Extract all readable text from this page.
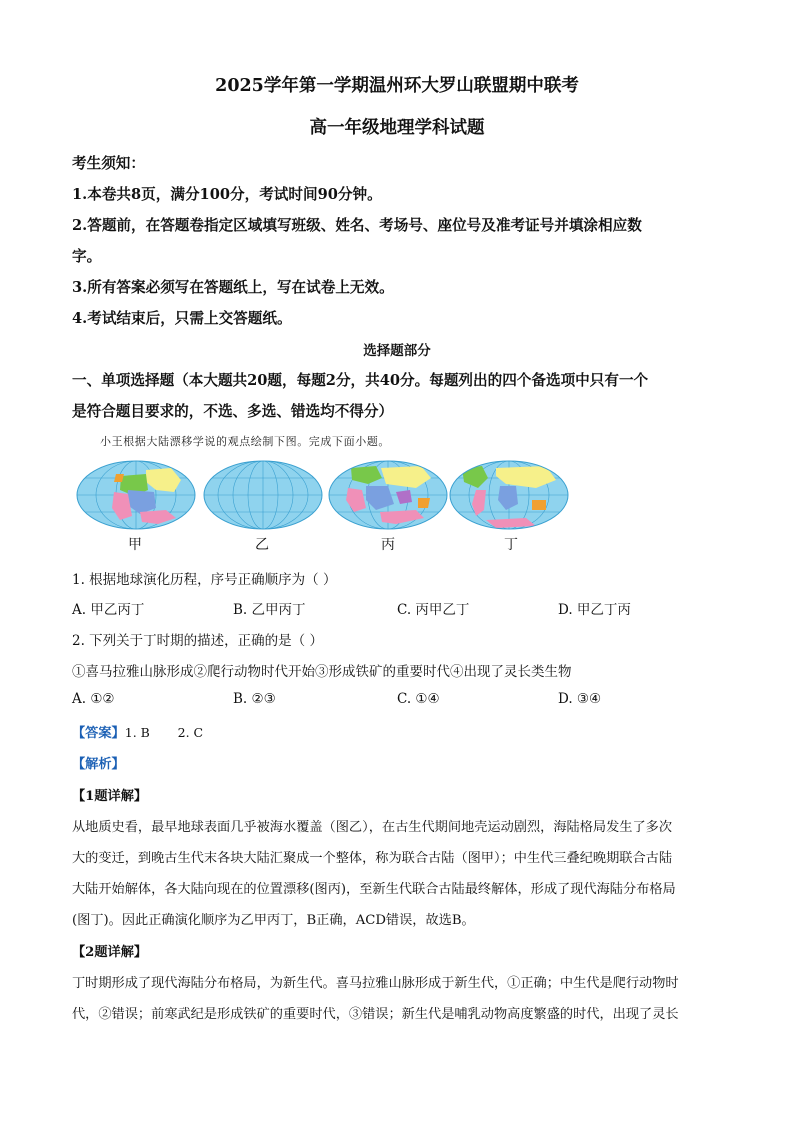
2025学年第一学期温州环大罗山联盟期中联考
高一年级地理学科试题
考生须知：
1.本卷共8页，满分100分，考试时间90分钟。
2.答题前，在答题卷指定区域填写班级、姓名、考场号、座位号及准考证号并填涂相应数
字。
3.所有答案必须写在答题纸上，写在试卷上无效。
4.考试结束后，只需上交答题纸。
选择题部分
一、单项选择题（本大题共20题，每题2分，共40分。每题列出的四个备选项中只有一个
是符合题目要求的，不选、多选、错选均不得分）
小王根据大陆漂移学说的观点绘制下图。完成下面小题。
甲	乙	丙	丁
1. 根据地球演化历程，序号正确顺序为（ ）
A. 甲乙丙丁	B. 乙甲丙丁	C. 丙甲乙丁	D. 甲乙丁丙
2. 下列关于丁时期的描述，正确的是（ ）
①喜马拉雅山脉形成②爬行动物时代开始③形成铁矿的重要时代④出现了灵长类生物
A. ①②	B. ②③	C. ①④	D. ③④
【答案】1. B       2. C
【解析】
【1题详解】
从地质史看，最早地球表面几乎被海水覆盖（图乙），在古生代期间地壳运动剧烈，海陆格局发生了多次
大的变迁，到晚古生代末各块大陆汇聚成一个整体，称为联合古陆（图甲）；中生代三叠纪晚期联合古陆
大陆开始解体，各大陆向现在的位置漂移(图丙)，至新生代联合古陆最终解体，形成了现代海陆分布格局
(图丁)。因此正确演化顺序为乙甲丙丁，B正确，ACD错误，故选B。
【2题详解】
丁时期形成了现代海陆分布格局，为新生代。喜马拉雅山脉形成于新生代，①正确；中生代是爬行动物时
代，②错误；前寒武纪是形成铁矿的重要时代，③错误；新生代是哺乳动物高度繁盛的时代，出现了灵长
